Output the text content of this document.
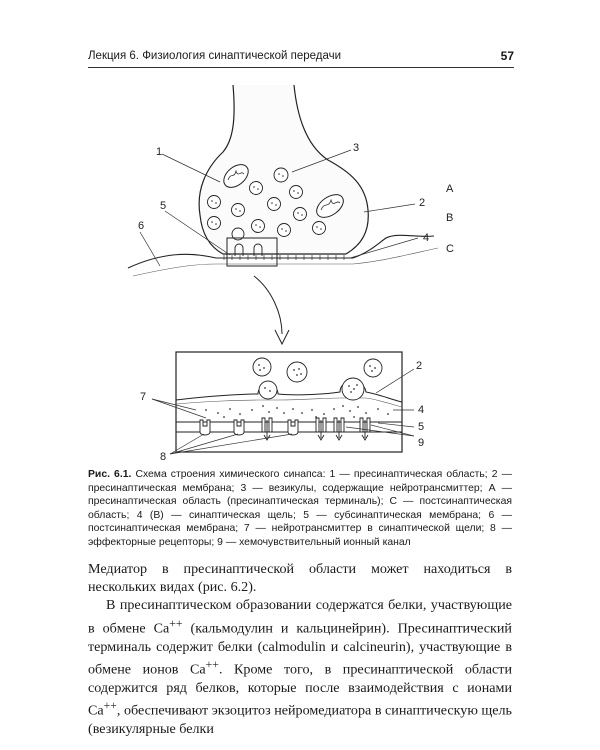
Лекция 6. Физиология синаптической передачи	57
1	3
2
4
5
6
A
B
C
7
8
2
4
5
9
Рис. 6.1. Схема строения химического синапса: 1 — пресинаптическая область; 2 — пресинаптическая мембрана; 3 — везикулы, содержащие нейротрансмиттер; А — пресинаптическая область (пресинаптическая терминаль); С — постсинаптическая область; 4 (В) — синаптическая щель; 5 — субсинаптическая мембрана; 6 — постсинаптическая мембрана; 7 — нейротрансмиттер в синаптической щели; 8 — эффекторные рецепторы; 9 — хемочувствительный ионный канал

Медиатор в пресинаптической области может находиться в нескольких видах (рис. 6.2).

В пресинаптическом образовании содержатся белки, участвующие в обмене Ca++ (кальмодулин и кальцинейрин). Пресинаптический терминаль содержит белки (calmodulin и calcineurin), участвующие в обмене ионов Ca++. Кроме того, в пресинаптической области содержится ряд белков, которые после взаимодействия с ионами Ca++, обеспечивают экзоцитоз нейромедиатора в синаптическую щель (везикулярные белки
